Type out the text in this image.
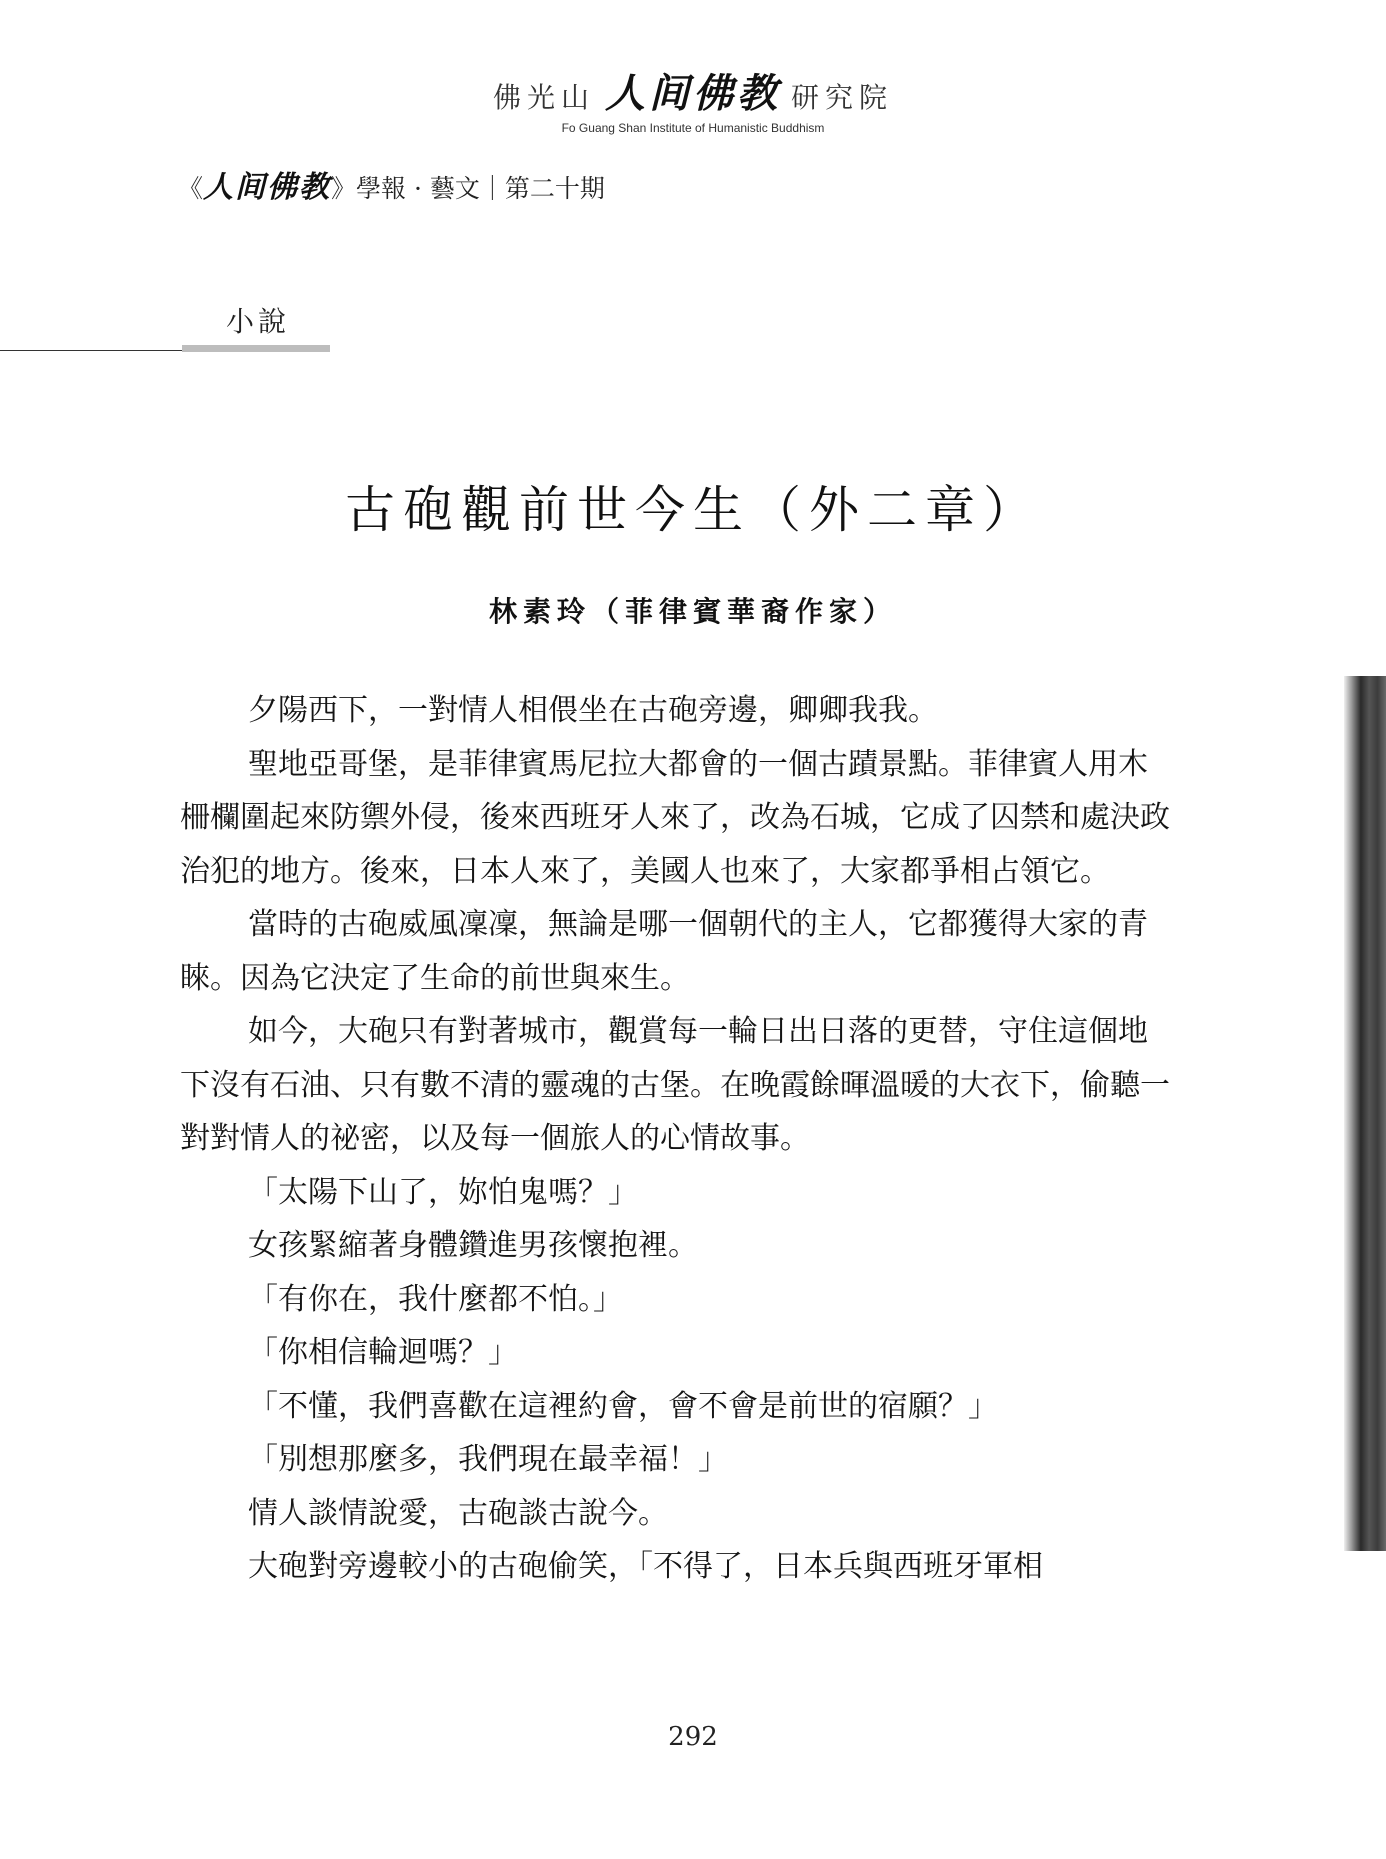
佛光山 人间佛教 研究院
Fo Guang Shan Institute of Humanistic Buddhism
《 人间佛教 》學報 · 藝文｜第二十期
小說
古砲觀前世今生（外二章）
林素玲（菲律賓華裔作家）

夕陽西下，一對情人相偎坐在古砲旁邊，卿卿我我。

聖地亞哥堡，是菲律賓馬尼拉大都會的一個古蹟景點。菲律賓人用木柵欄圍起來防禦外侵，後來西班牙人來了，改為石城，它成了囚禁和處決政治犯的地方。後來，日本人來了，美國人也來了，大家都爭相占領它。

當時的古砲威風凜凜，無論是哪一個朝代的主人，它都獲得大家的青睞。因為它決定了生命的前世與來生。

如今，大砲只有對著城市，觀賞每一輪日出日落的更替，守住這個地下沒有石油、只有數不清的靈魂的古堡。在晚霞餘暉溫暖的大衣下，偷聽一對對情人的祕密，以及每一個旅人的心情故事。

「太陽下山了，妳怕鬼嗎？」

女孩緊縮著身體鑽進男孩懷抱裡。

「有你在，我什麼都不怕。」

「你相信輪迴嗎？」

「不懂，我們喜歡在這裡約會，會不會是前世的宿願？」

「別想那麼多，我們現在最幸福！」

情人談情說愛，古砲談古說今。

大砲對旁邊較小的古砲偷笑，「不得了，日本兵與西班牙軍相

292
